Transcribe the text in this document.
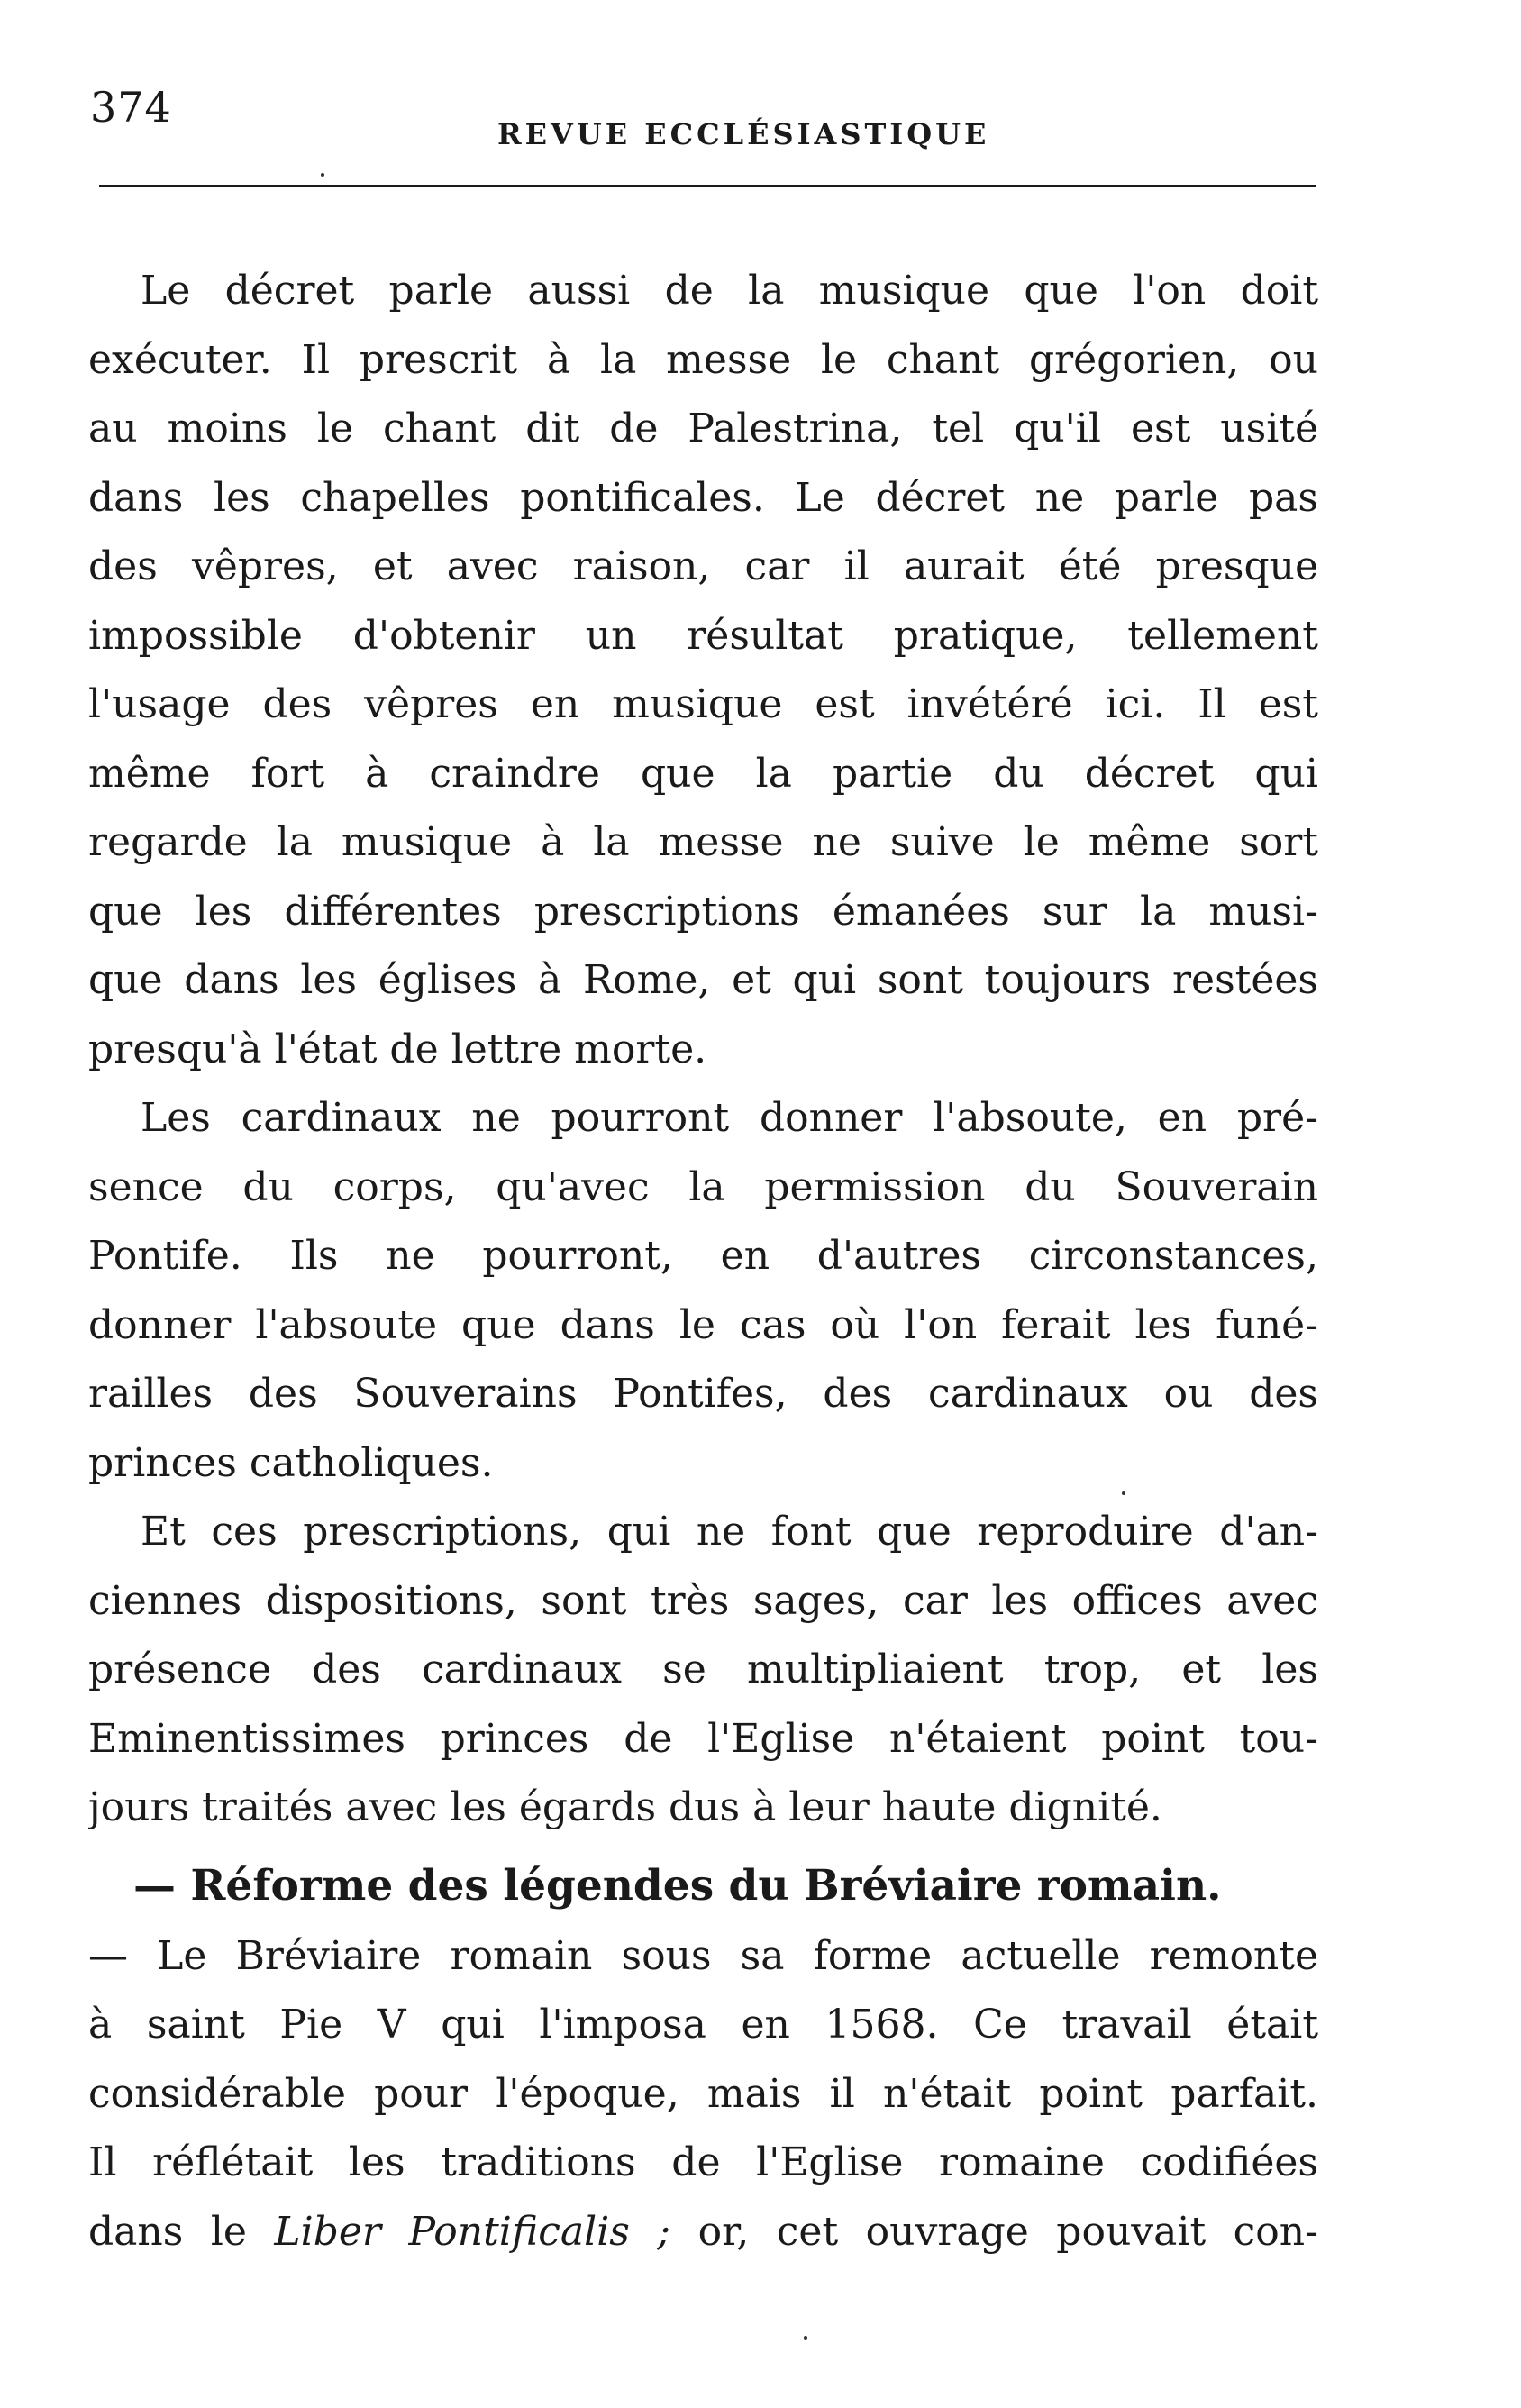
374
REVUE ECCLÉSIASTIQUE
Le décret parle aussi de la musique que l'on doit
exécuter. Il prescrit à la messe le chant grégorien, ou
au moins le chant dit de Palestrina, tel qu'il est usité
dans les chapelles pontificales. Le décret ne parle pas
des vêpres, et avec raison, car il aurait été presque
impossible d'obtenir un résultat pratique, tellement
l'usage des vêpres en musique est invétéré ici. Il est
même fort à craindre que la partie du décret qui
regarde la musique à la messe ne suive le même sort
que les différentes prescriptions émanées sur la musi-
que dans les églises à Rome, et qui sont toujours restées
presqu'à l'état de lettre morte.
Les cardinaux ne pourront donner l'absoute, en pré-
sence du corps, qu'avec la permission du Souverain
Pontife. Ils ne pourront, en d'autres circonstances,
donner l'absoute que dans le cas où l'on ferait les funé-
railles des Souverains Pontifes, des cardinaux ou des
princes catholiques.
Et ces prescriptions, qui ne font que reproduire d'an-
ciennes dispositions, sont très sages, car les offices avec
présence des cardinaux se multipliaient trop, et les
Eminentissimes princes de l'Eglise n'étaient point tou-
jours traités avec les égards dus à leur haute dignité.
— Réforme des légendes du Bréviaire romain.
— Le Bréviaire romain sous sa forme actuelle remonte
à saint Pie V qui l'imposa en 1568. Ce travail était
considérable pour l'époque, mais il n'était point parfait.
Il réflétait les traditions de l'Eglise romaine codifiées
dans le Liber Pontificalis ; or, cet ouvrage pouvait con-
